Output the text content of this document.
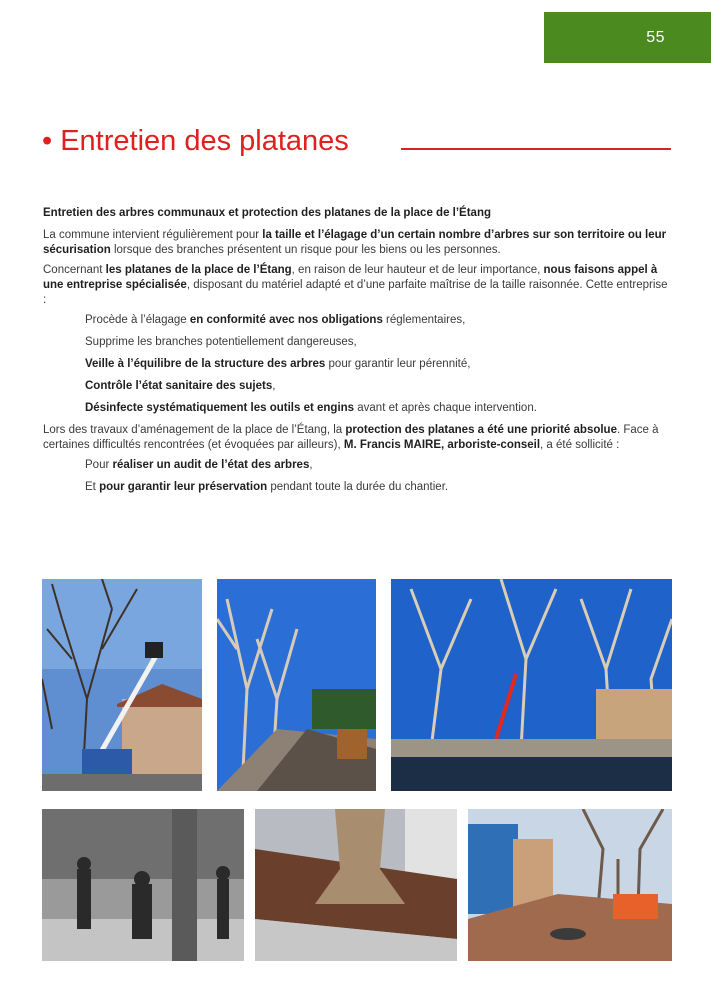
55
• Entretien des platanes

Entretien des arbres communaux et protection des platanes de la place de l’Étang

La commune intervient régulièrement pour la taille et l’élagage d’un certain nombre d’arbres sur son territoire ou leur sécurisation lorsque des branches présentent un risque pour les biens ou les personnes.

Concernant les platanes de la place de l’Étang, en raison de leur hauteur et de leur importance, nous faisons appel à une entreprise spécialisée, disposant du matériel adapté et d’une parfaite maîtrise de la taille raisonnée. Cette entreprise :

Procède à l’élagage en conformité avec nos obligations réglementaires,

Supprime les branches potentiellement dangereuses,

Veille à l’équilibre de la structure des arbres pour garantir leur pérennité,

Contrôle l’état sanitaire des sujets,

Désinfecte systématiquement les outils et engins avant et après chaque intervention.

Lors des travaux d’aménagement de la place de l’Étang, la protection des platanes a été une priorité absolue. Face à certaines difficultés rencontrées (et évoquées par ailleurs), M. Francis MAIRE, arboriste-conseil, a été sollicité :

Pour réaliser un audit de l’état des arbres,

Et pour garantir leur préservation pendant toute la durée du chantier.
